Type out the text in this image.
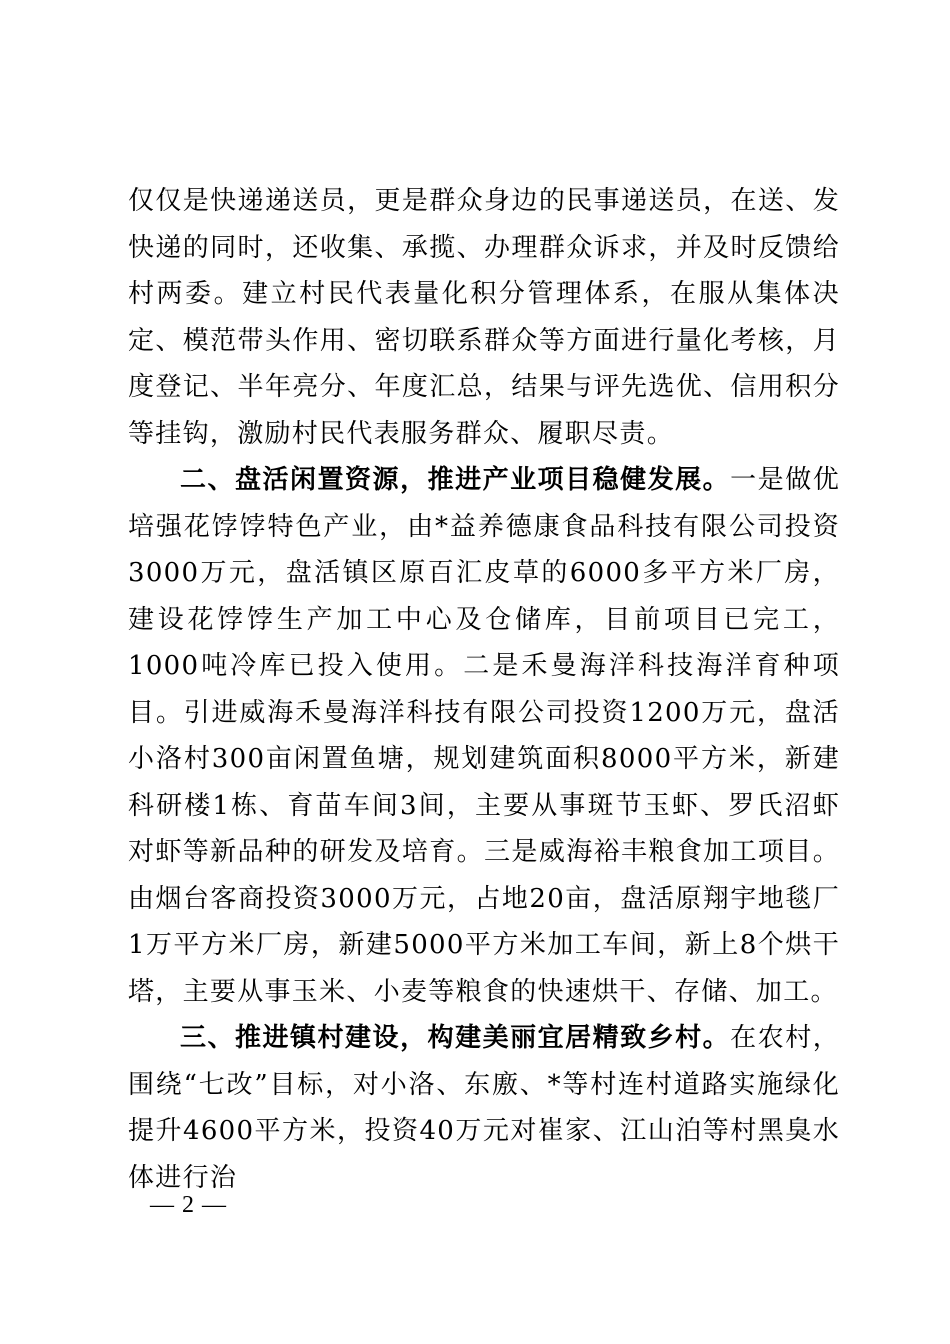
仅仅是快递递送员，更是群众身边的民事递送员，在送、发快递的同时，还收集、承揽、办理群众诉求，并及时反馈给村两委。建立村民代表量化积分管理体系，在服从集体决定、模范带头作用、密切联系群众等方面进行量化考核，月度登记、半年亮分、年度汇总，结果与评先选优、信用积分等挂钩，激励村民代表服务群众、履职尽责。

二、盘活闲置资源，推进产业项目稳健发展。一是做优培强花饽饽特色产业，由*益养德康食品科技有限公司投资3000万元，盘活镇区原百汇皮草的6000多平方米厂房，建设花饽饽生产加工中心及仓储库，目前项目已完工，1000吨冷库已投入使用。二是禾曼海洋科技海洋育种项目。引进威海禾曼海洋科技有限公司投资1200万元，盘活小洛村300亩闲置鱼塘，规划建筑面积8000平方米，新建科研楼1栋、育苗车间3间，主要从事斑节玉虾、罗氏沼虾对虾等新品种的研发及培育。三是威海裕丰粮食加工项目。由烟台客商投资3000万元，占地20亩，盘活原翔宇地毯厂1万平方米厂房，新建5000平方米加工车间，新上8个烘干塔，主要从事玉米、小麦等粮食的快速烘干、存储、加工。

三、推进镇村建设，构建美丽宜居精致乡村。在农村，围绕“七改”目标，对小洛、东廒、*等村连村道路实施绿化提升4600平方米，投资40万元对崔家、江山泊等村黑臭水体进行治

— 2 —
